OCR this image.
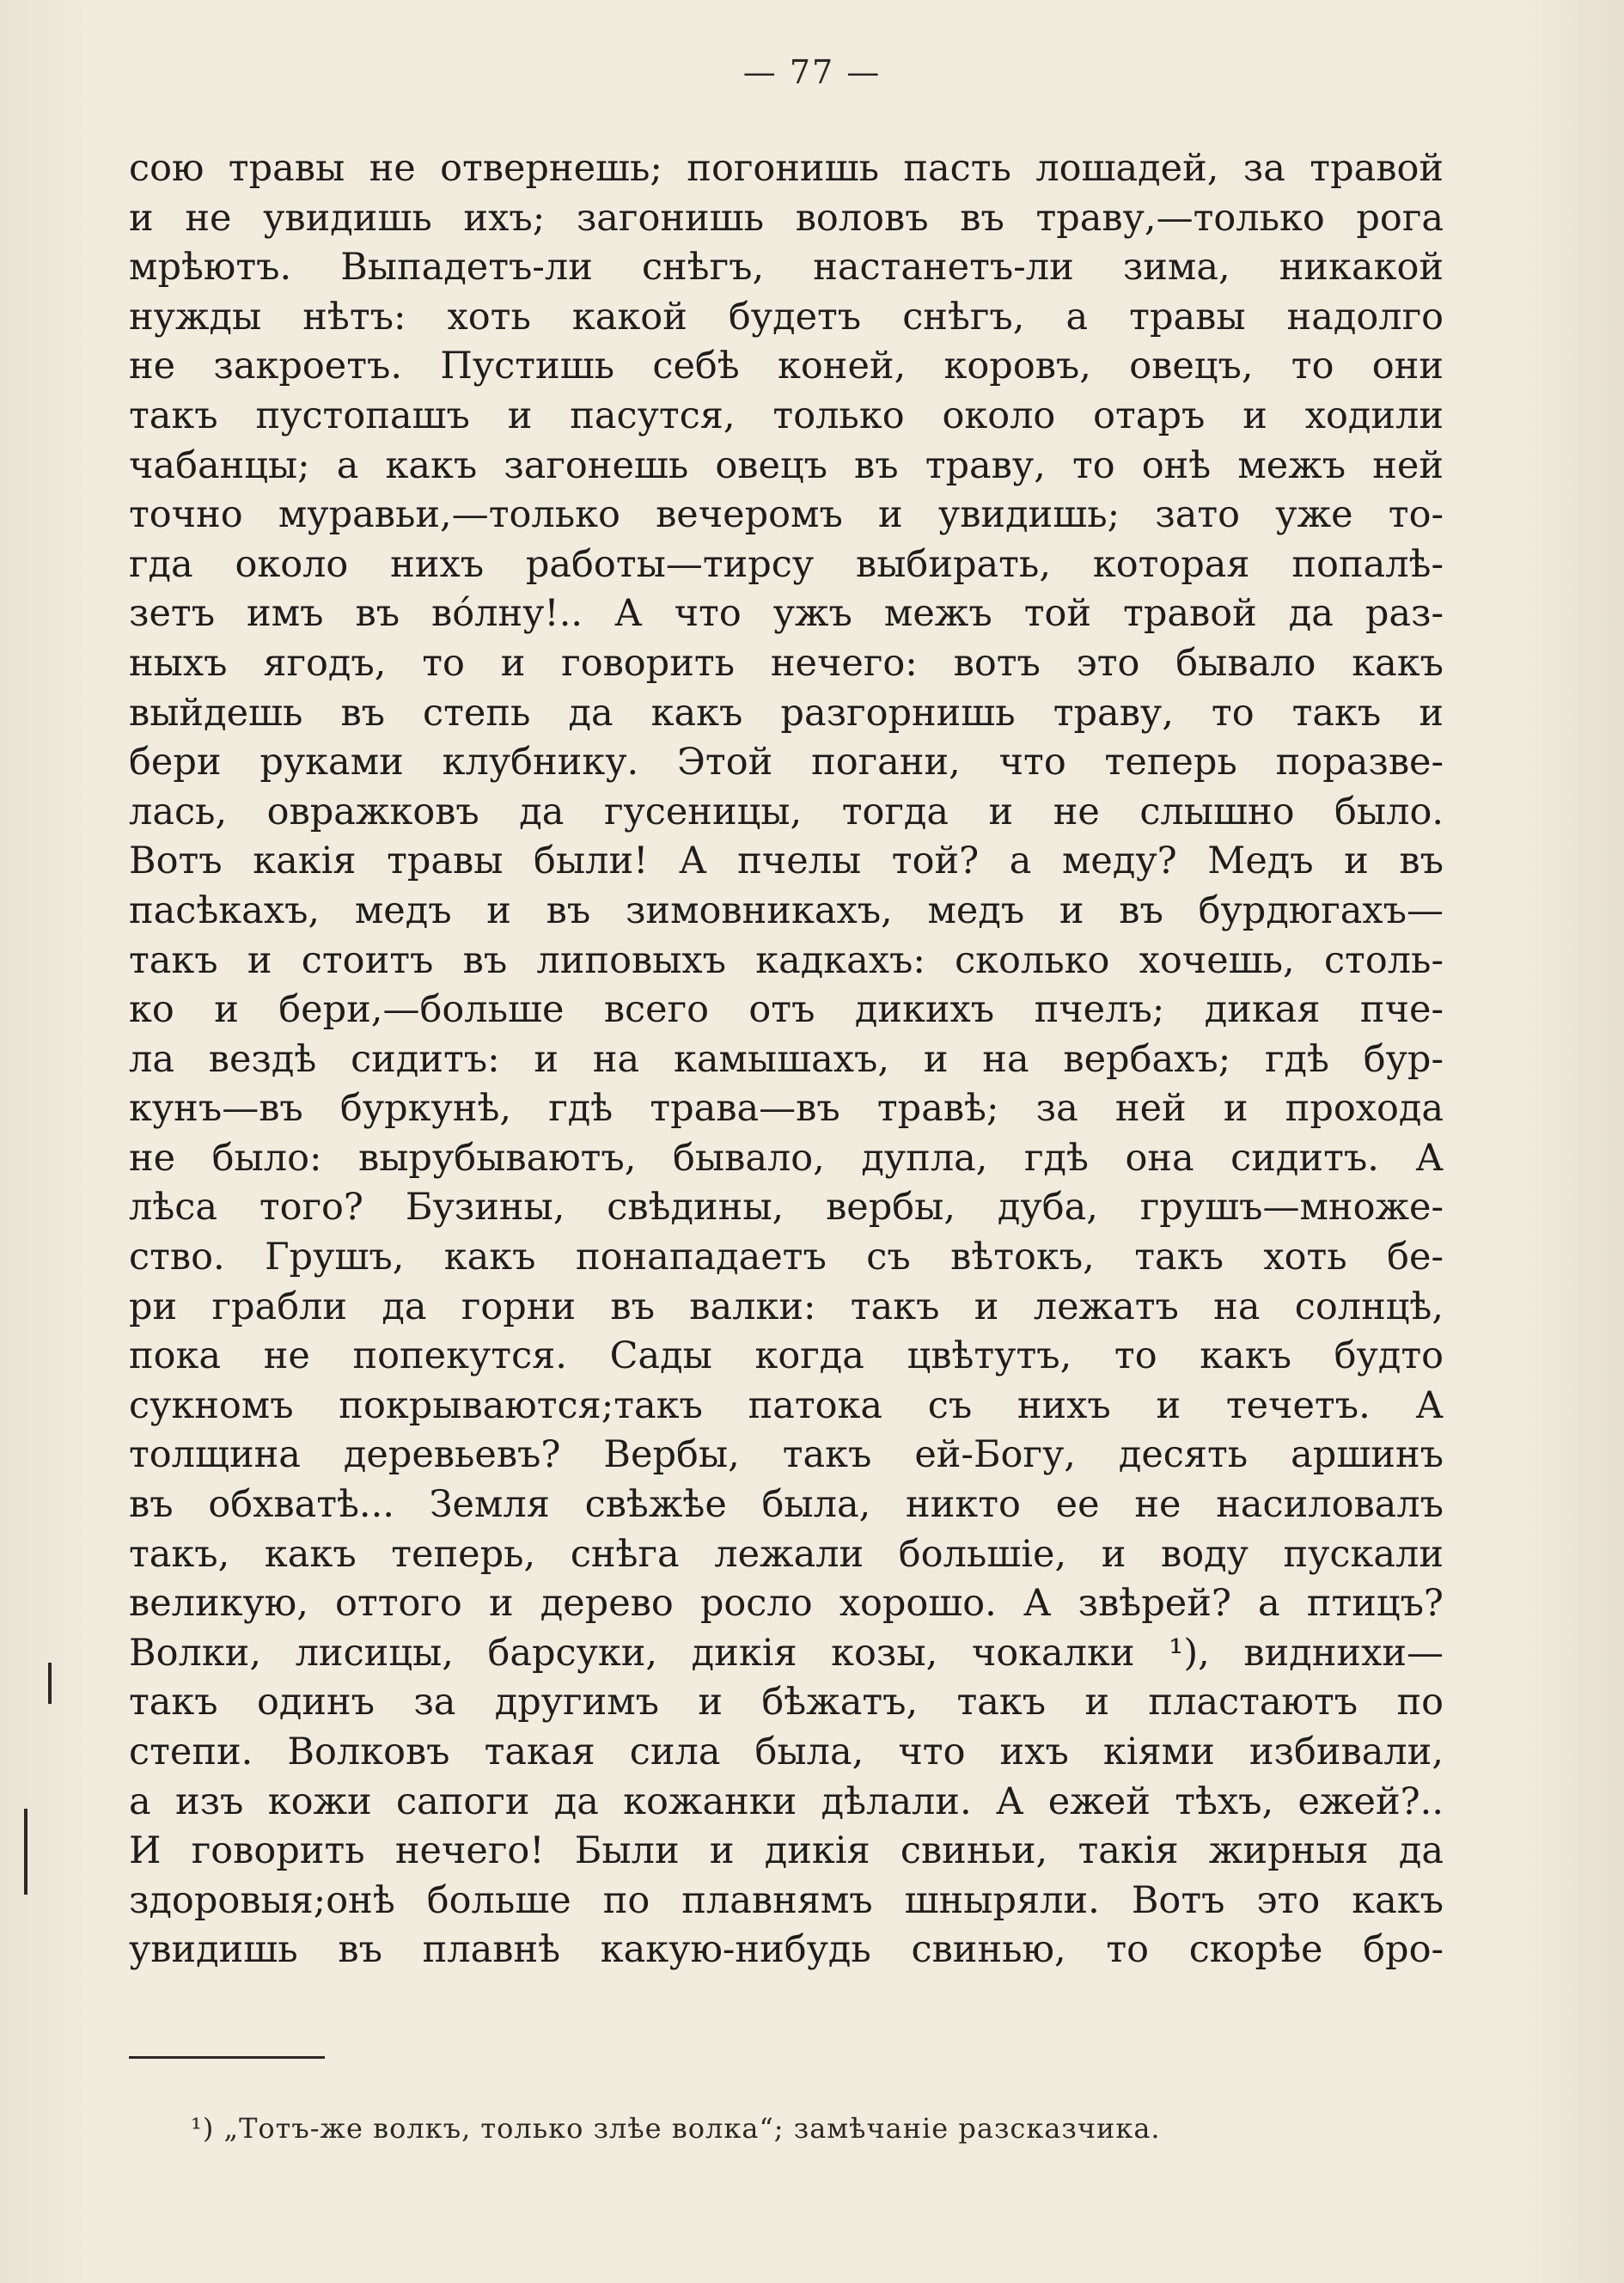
— 77 —
сою травы не отвернешь; погонишь пасть лошадей, за травой
и не увидишь ихъ; загонишь воловъ въ траву,—только рога
мрѣютъ. Выпадетъ-ли снѣгъ, настанетъ-ли зима, никакой
нужды нѣтъ: хоть какой будетъ снѣгъ, а травы надолго
не закроетъ. Пустишь себѣ коней, коровъ, овецъ, то они
такъ пустопашъ и пасутся, только около отаръ и ходили
чабанцы; а какъ загонешь овецъ въ траву, то онѣ межъ ней
точно муравьи,—только вечеромъ и увидишь; зато уже то-
гда около нихъ работы—тирсу выбирать, которая попалѣ-
зетъ имъ въ вóлну!.. А что ужъ межъ той травой да раз-
ныхъ ягодъ, то и говорить нечего: вотъ это бывало какъ
выйдешь въ степь да какъ разгорнишь траву, то такъ и
бери руками клубнику. Этой погани, что теперь поразве-
лась, овражковъ да гусеницы, тогда и не слышно было.
Вотъ какія травы были! А пчелы той? а меду? Медъ и въ
пасѣкахъ, медъ и въ зимовникахъ, медъ и въ бурдюгахъ—
такъ и стоитъ въ липовыхъ кадкахъ: сколько хочешь, столь-
ко и бери,—больше всего отъ дикихъ пчелъ; дикая пче-
ла вездѣ сидитъ: и на камышахъ, и на вербахъ; гдѣ бур-
кунъ—въ буркунѣ, гдѣ трава—въ травѣ; за ней и прохода
не было: вырубываютъ, бывало, дупла, гдѣ она сидитъ. А
лѣса того? Бузины, свѣдины, вербы, дуба, грушъ—множе-
ство. Грушъ, какъ понападаетъ съ вѣтокъ, такъ хоть бе-
ри грабли да горни въ валки: такъ и лежатъ на солнцѣ,
пока не попекутся. Сады когда цвѣтутъ, то какъ будто
сукномъ покрываются;такъ патока съ нихъ и течетъ. А
толщина деревьевъ? Вербы, такъ ей-Богу, десять аршинъ
въ обхватѣ... Земля свѣжѣе была, никто ее не насиловалъ
такъ, какъ теперь, снѣга лежали большіе, и воду пускали
великую, оттого и дерево росло хорошо. А звѣрей? а птицъ?
Волки, лисицы, барсуки, дикія козы, чокалки ¹), виднихи—
такъ одинъ за другимъ и бѣжатъ, такъ и пластаютъ по
степи. Волковъ такая сила была, что ихъ кіями избивали,
а изъ кожи сапоги да кожанки дѣлали. А ежей тѣхъ, ежей?..
И говорить нечего! Были и дикія свиньи, такія жирныя да
здоровыя;онѣ больше по плавнямъ шныряли. Вотъ это какъ
увидишь въ плавнѣ какую-нибудь свинью, то скорѣе бро-
¹) „Тотъ-же волкъ, только злѣе волка“; замѣчаніе разсказчика.
